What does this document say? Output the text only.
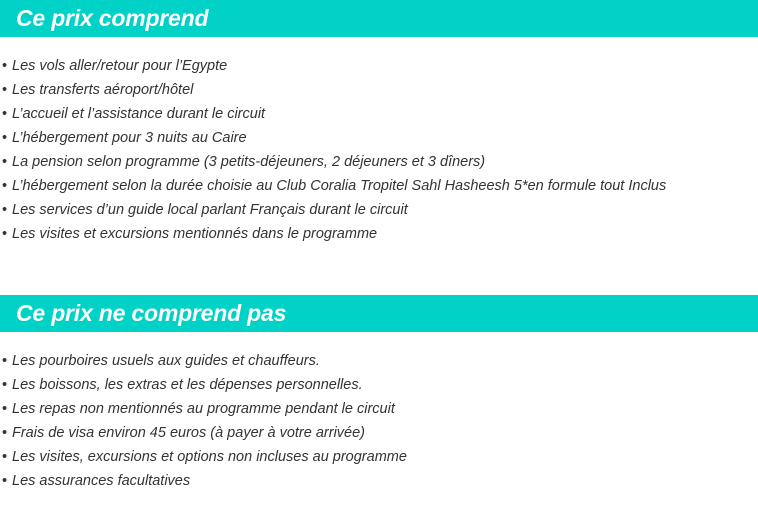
Ce prix comprend
• Les vols aller/retour pour l’Egypte
• Les transferts aéroport/hôtel
• L’accueil et l’assistance durant le circuit
• L’hébergement pour 3 nuits au Caire
• La pension selon programme (3 petits-déjeuners, 2 déjeuners et 3 dîners)
• L’hébergement selon la durée choisie au Club Coralia Tropitel Sahl Hasheesh 5*en formule tout Inclus
• Les services d’un guide local parlant Français durant le circuit
• Les visites et excursions mentionnés dans le programme
Ce prix ne comprend pas
• Les pourboires usuels aux guides et chauffeurs.
• Les boissons, les extras et les dépenses personnelles.
• Les repas non mentionnés au programme pendant le circuit
• Frais de visa environ 45 euros (à payer à votre arrivée)
• Les visites, excursions et options non incluses au programme
• Les assurances facultatives
